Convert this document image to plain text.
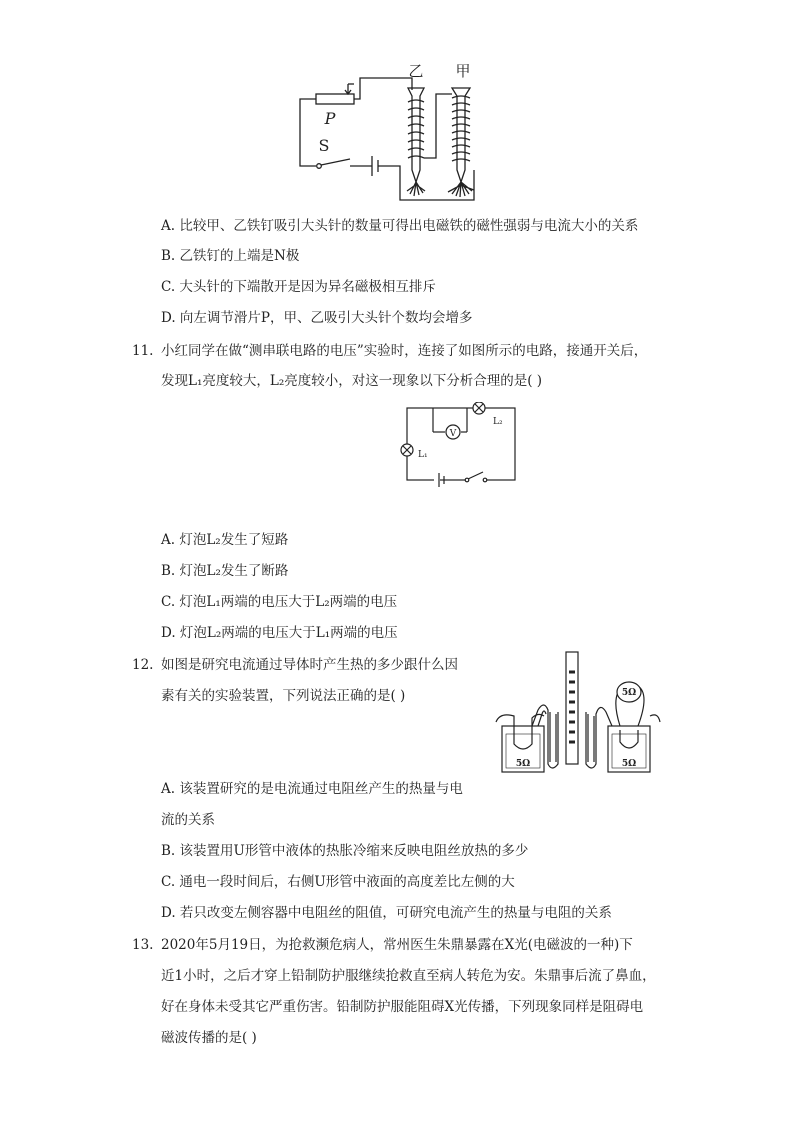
乙 甲
P
S
A. 比较甲、乙铁钉吸引大头针的数量可得出电磁铁的磁性强弱与电流大小的关系
B. 乙铁钉的上端是N极
C. 大头针的下端散开是因为异名磁极相互排斥
D. 向左调节滑片P，甲、乙吸引大头针个数均会增多
11. 小红同学在做“测串联电路的电压”实验时，连接了如图所示的电路，接通开关后，
发现L₁亮度较大，L₂亮度较小，对这一现象以下分析合理的是( )
V
L₂
L₁
A. 灯泡L₂发生了短路
B. 灯泡L₂发生了断路
C. 灯泡L₁两端的电压大于L₂两端的电压
D. 灯泡L₂两端的电压大于L₁两端的电压
12. 如图是研究电流通过导体时产生热的多少跟什么因
素有关的实验装置，下列说法正确的是( )
5Ω	5Ω
5Ω
A. 该装置研究的是电流通过电阻丝产生的热量与电
流的关系
B. 该装置用U形管中液体的热胀冷缩来反映电阻丝放热的多少
C. 通电一段时间后，右侧U形管中液面的高度差比左侧的大
D. 若只改变左侧容器中电阻丝的阻值，可研究电流产生的热量与电阻的关系
13. 2020年5月19日，为抢救濒危病人，常州医生朱鼎暴露在X光(电磁波的一种)下
近1小时，之后才穿上铅制防护服继续抢救直至病人转危为安。朱鼎事后流了鼻血，
好在身体未受其它严重伤害。铅制防护服能阻碍X光传播，下列现象同样是阻碍电
磁波传播的是( )
